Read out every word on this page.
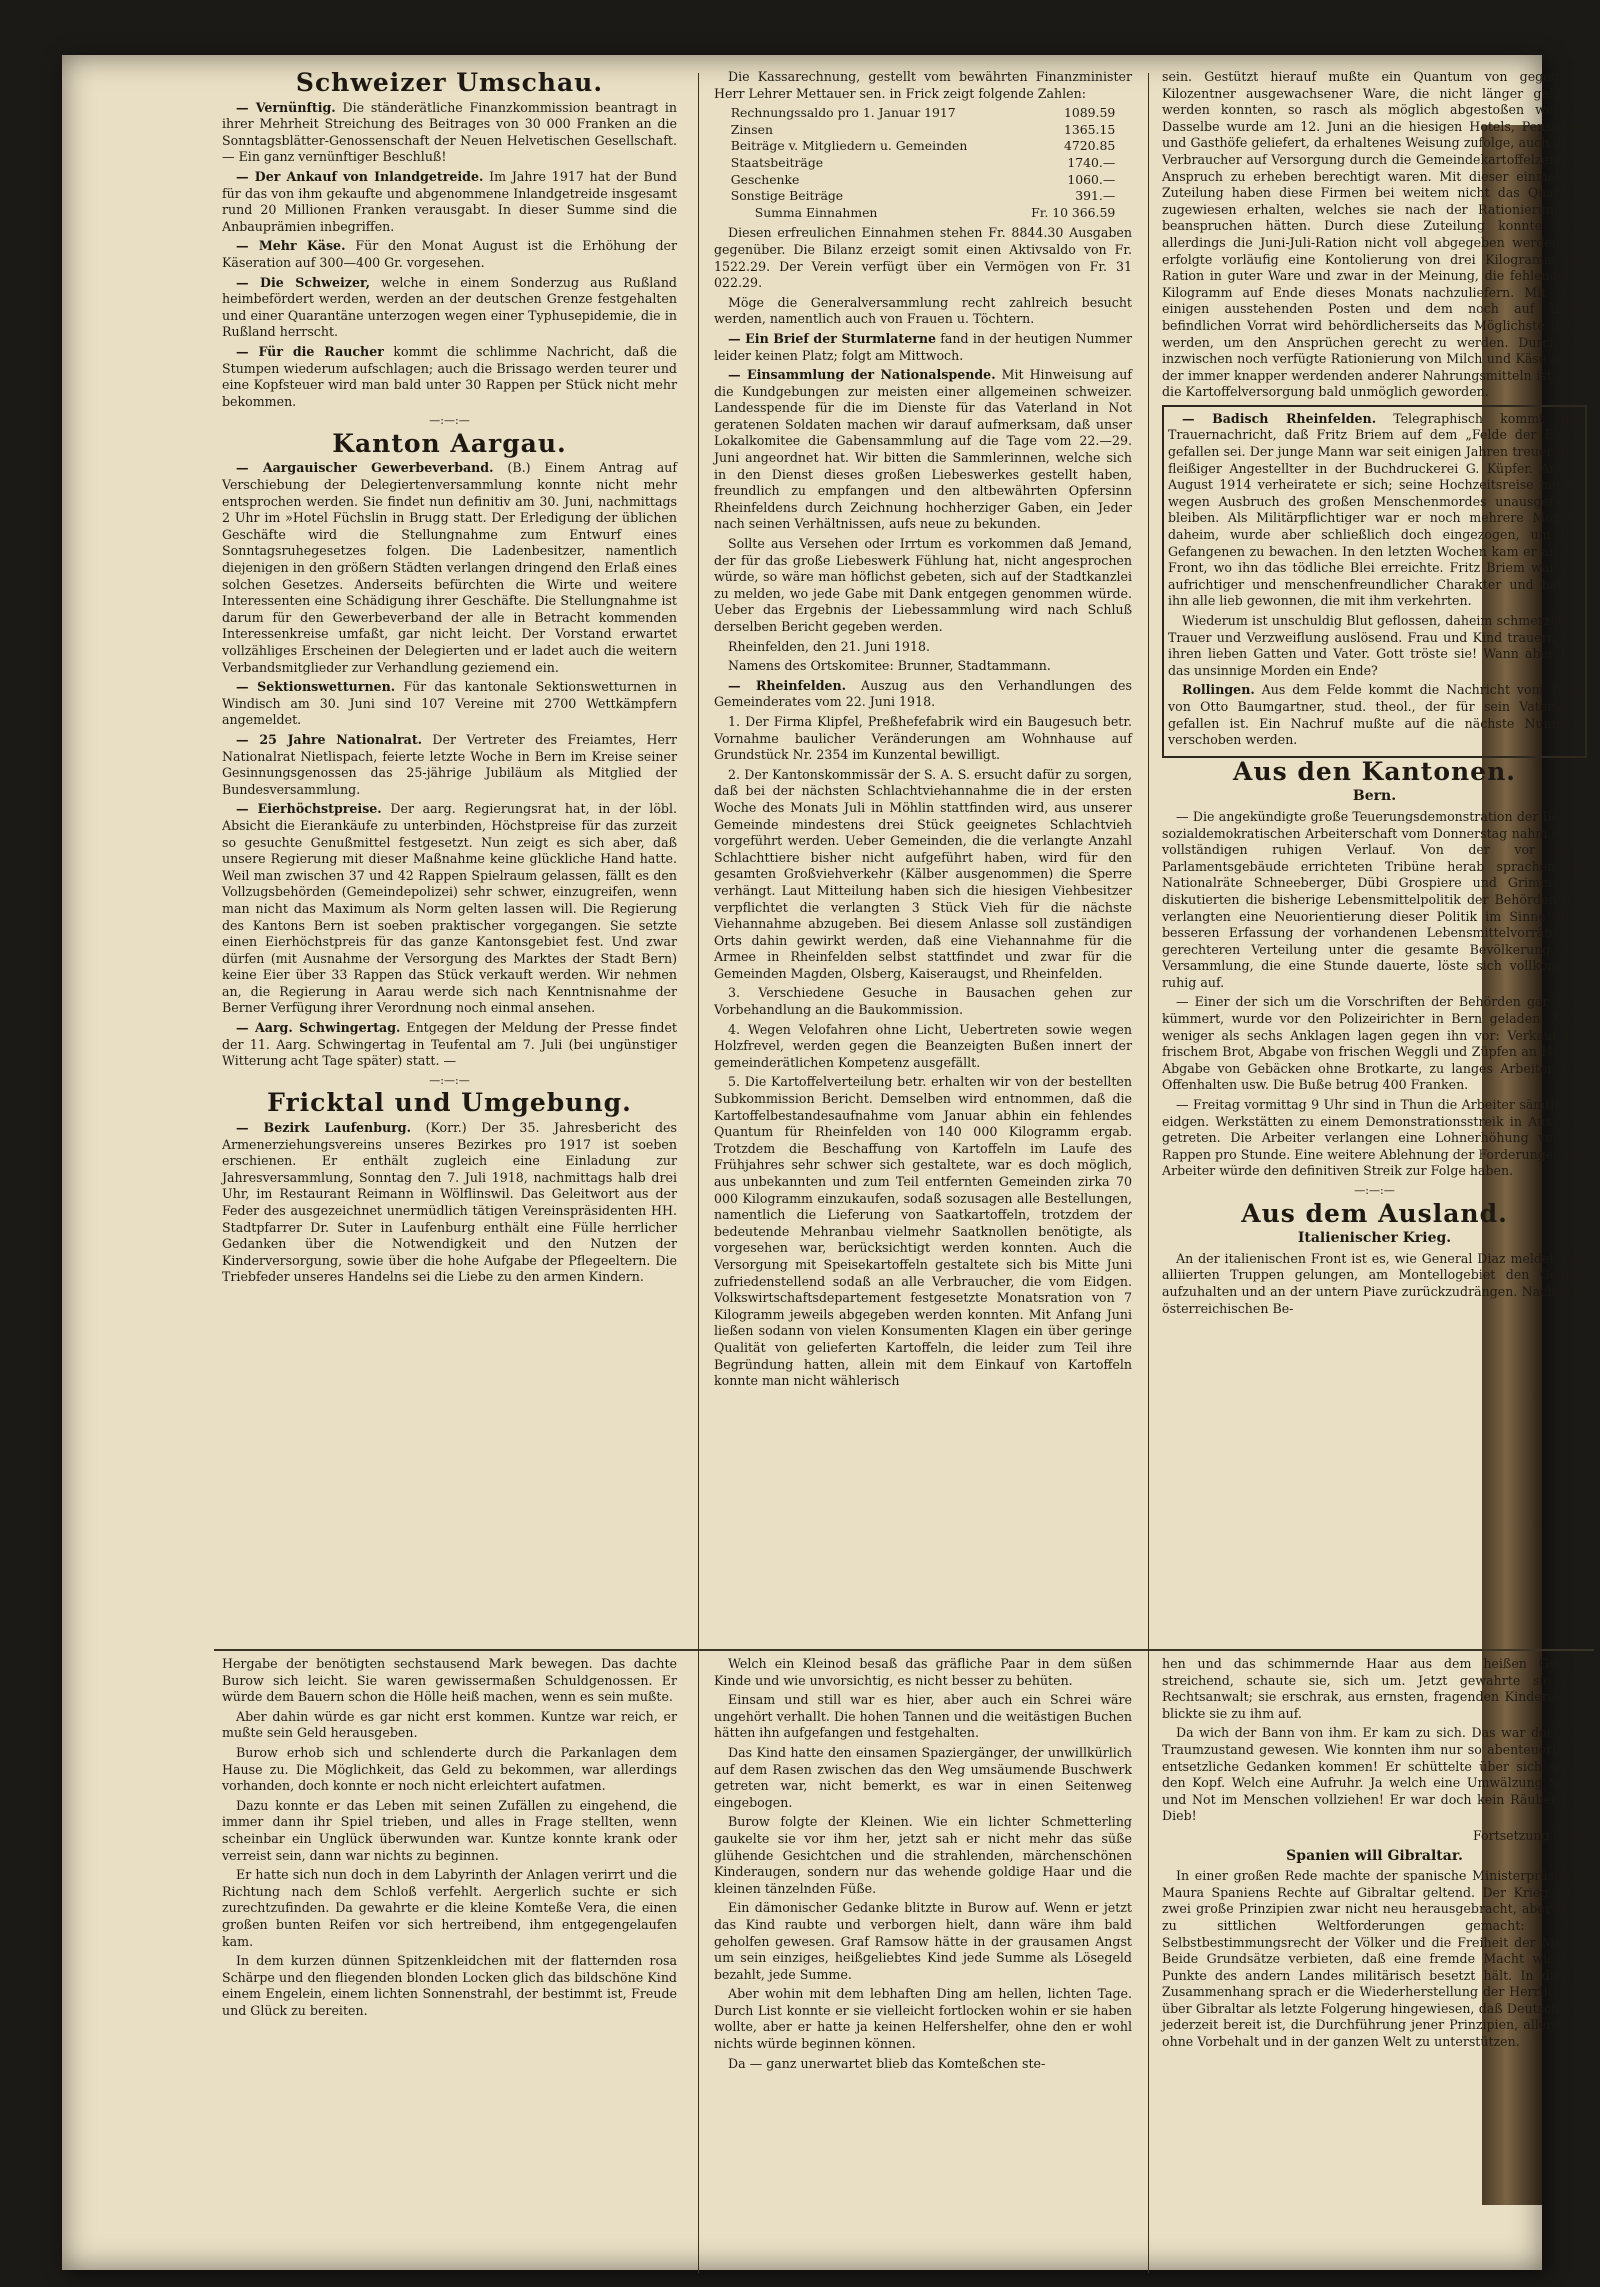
Schweizer Umschau.

— Vernünftig. Die ständerätliche Finanzkommission beantragt in ihrer Mehrheit Streichung des Beitrages von 30 000 Franken an die Sonntagsblätter-Genossenschaft der Neuen Helvetischen Gesellschaft. — Ein ganz vernünftiger Beschluß!

— Der Ankauf von Inlandgetreide. Im Jahre 1917 hat der Bund für das von ihm gekaufte und abgenommene Inlandgetreide insgesamt rund 20 Millionen Franken verausgabt. In dieser Summe sind die Anbauprämien inbegriffen.

— Mehr Käse. Für den Monat August ist die Erhöhung der Käseration auf 300—400 Gr. vorgesehen.

— Die Schweizer, welche in einem Sonderzug aus Rußland heimbefördert werden, werden an der deutschen Grenze festgehalten und einer Quarantäne unterzogen wegen einer Typhusepidemie, die in Rußland herrscht.

— Für die Raucher kommt die schlimme Nachricht, daß die Stumpen wiederum aufschlagen; auch die Brissago werden teurer und eine Kopfsteuer wird man bald unter 30 Rappen per Stück nicht mehr bekommen.

—:—:—
Kanton Aargau.

— Aargauischer Gewerbeverband. (B.) Einem Antrag auf Verschiebung der Delegiertenversammlung konnte nicht mehr entsprochen werden. Sie findet nun definitiv am 30. Juni, nachmittags 2 Uhr im »Hotel Füchslin in Brugg statt. Der Erledigung der üblichen Geschäfte wird die Stellungnahme zum Entwurf eines Sonntagsruhegesetzes folgen. Die Ladenbesitzer, namentlich diejenigen in den größern Städten verlangen dringend den Erlaß eines solchen Gesetzes. Anderseits befürchten die Wirte und weitere Interessenten eine Schädigung ihrer Geschäfte. Die Stellungnahme ist darum für den Gewerbeverband der alle in Betracht kommenden Interessenkreise umfaßt, gar nicht leicht. Der Vorstand erwartet vollzähliges Erscheinen der Delegierten und er ladet auch die weitern Verbandsmitglieder zur Verhandlung geziemend ein.

— Sektionswetturnen. Für das kantonale Sektionswetturnen in Windisch am 30. Juni sind 107 Vereine mit 2700 Wettkämpfern angemeldet.

— 25 Jahre Nationalrat. Der Vertreter des Freiamtes, Herr Nationalrat Nietlispach, feierte letzte Woche in Bern im Kreise seiner Gesinnungsgenossen das 25-jährige Jubiläum als Mitglied der Bundesversammlung.

— Eierhöchstpreise. Der aarg. Regierungsrat hat, in der löbl. Absicht die Eierankäufe zu unterbinden, Höchstpreise für das zurzeit so gesuchte Genußmittel festgesetzt. Nun zeigt es sich aber, daß unsere Regierung mit dieser Maßnahme keine glückliche Hand hatte. Weil man zwischen 37 und 42 Rappen Spielraum gelassen, fällt es den Vollzugsbehörden (Gemeindepolizei) sehr schwer, einzugreifen, wenn man nicht das Maximum als Norm gelten lassen will. Die Regierung des Kantons Bern ist soeben praktischer vorgegangen. Sie setzte einen Eierhöchstpreis für das ganze Kantonsgebiet fest. Und zwar dürfen (mit Ausnahme der Versorgung des Marktes der Stadt Bern) keine Eier über 33 Rappen das Stück verkauft werden. Wir nehmen an, die Regierung in Aarau werde sich nach Kenntnisnahme der Berner Verfügung ihrer Verordnung noch einmal ansehen.

— Aarg. Schwingertag. Entgegen der Meldung der Presse findet der 11. Aarg. Schwingertag in Teufental am 7. Juli (bei ungünstiger Witterung acht Tage später) statt. —

—:—:—
Fricktal und Umgebung.

— Bezirk Laufenburg. (Korr.) Der 35. Jahresbericht des Armenerziehungsvereins unseres Bezirkes pro 1917 ist soeben erschienen. Er enthält zugleich eine Einladung zur Jahresversammlung, Sonntag den 7. Juli 1918, nachmittags halb drei Uhr, im Restaurant Reimann in Wölflinswil. Das Geleitwort aus der Feder des ausgezeichnet unermüdlich tätigen Vereinspräsidenten HH. Stadtpfarrer Dr. Suter in Laufenburg enthält eine Fülle herrlicher Gedanken über die Notwendigkeit und den Nutzen der Kinderversorgung, sowie über die hohe Aufgabe der Pflegeeltern. Die Triebfeder unseres Handelns sei die Liebe zu den armen Kindern.

Die Kassarechnung, gestellt vom bewährten Finanzminister Herr Lehrer Mettauer sen. in Frick zeigt folgende Zahlen:

Rechnungssaldo pro 1. Januar 1917	1089.59
Zinsen	1365.15
Beiträge v. Mitgliedern u. Gemeinden	4720.85
Staatsbeiträge	1740.—
Geschenke	1060.—
Sonstige Beiträge	391.—
Summa Einnahmen	Fr. 10 366.59

Diesen erfreulichen Einnahmen stehen Fr. 8844.30 Ausgaben gegenüber. Die Bilanz erzeigt somit einen Aktivsaldo von Fr. 1522.29. Der Verein verfügt über ein Vermögen von Fr. 31 022.29.

Möge die Generalversammlung recht zahlreich besucht werden, namentlich auch von Frauen u. Töchtern.

— Ein Brief der Sturmlaterne fand in der heutigen Nummer leider keinen Platz; folgt am Mittwoch.

— Einsammlung der Nationalspende. Mit Hinweisung auf die Kundgebungen zur meisten einer allgemeinen schweizer. Landesspende für die im Dienste für das Vaterland in Not geratenen Soldaten machen wir darauf aufmerksam, daß unser Lokalkomitee die Gabensammlung auf die Tage vom 22.—29. Juni angeordnet hat. Wir bitten die Sammlerinnen, welche sich in den Dienst dieses großen Liebeswerkes gestellt haben, freundlich zu empfangen und den altbewährten Opfersinn Rheinfeldens durch Zeichnung hochherziger Gaben, ein Jeder nach seinen Verhältnissen, aufs neue zu bekunden.

Sollte aus Versehen oder Irrtum es vorkommen daß Jemand, der für das große Liebeswerk Fühlung hat, nicht angesprochen würde, so wäre man höflichst gebeten, sich auf der Stadtkanzlei zu melden, wo jede Gabe mit Dank entgegen genommen würde. Ueber das Ergebnis der Liebessammlung wird nach Schluß derselben Bericht gegeben werden.

Rheinfelden, den 21. Juni 1918.

Namens des Ortskomitee: Brunner, Stadtammann.

— Rheinfelden. Auszug aus den Verhandlungen des Gemeinderates vom 22. Juni 1918.

1. Der Firma Klipfel, Preßhefefabrik wird ein Baugesuch betr. Vornahme baulicher Veränderungen am Wohnhause auf Grundstück Nr. 2354 im Kunzental bewilligt.

2. Der Kantonskommissär der S. A. S. ersucht dafür zu sorgen, daß bei der nächsten Schlachtviehannahme die in der ersten Woche des Monats Juli in Möhlin stattfinden wird, aus unserer Gemeinde mindestens drei Stück geeignetes Schlachtvieh vorgeführt werden. Ueber Gemeinden, die die verlangte Anzahl Schlachttiere bisher nicht aufgeführt haben, wird für den gesamten Großviehverkehr (Kälber ausgenommen) die Sperre verhängt. Laut Mitteilung haben sich die hiesigen Viehbesitzer verpflichtet die verlangten 3 Stück Vieh für die nächste Viehannahme abzugeben. Bei diesem Anlasse soll zuständigen Orts dahin gewirkt werden, daß eine Viehannahme für die Armee in Rheinfelden selbst stattfindet und zwar für die Gemeinden Magden, Olsberg, Kaiseraugst, und Rheinfelden.

3. Verschiedene Gesuche in Bausachen gehen zur Vorbehandlung an die Baukommission.

4. Wegen Velofahren ohne Licht, Uebertreten sowie wegen Holzfrevel, werden gegen die Beanzeigten Bußen innert der gemeinderätlichen Kompetenz ausgefällt.

5. Die Kartoffelverteilung betr. erhalten wir von der bestellten Subkommission Bericht. Demselben wird entnommen, daß die Kartoffelbestandesaufnahme vom Januar abhin ein fehlendes Quantum für Rheinfelden von 140 000 Kilogramm ergab. Trotzdem die Beschaffung von Kartoffeln im Laufe des Frühjahres sehr schwer sich gestaltete, war es doch möglich, aus unbekannten und zum Teil entfernten Gemeinden zirka 70 000 Kilogramm einzukaufen, sodaß sozusagen alle Bestellungen, namentlich die Lieferung von Saatkartoffeln, trotzdem der bedeutende Mehranbau vielmehr Saatknollen benötigte, als vorgesehen war, berücksichtigt werden konnten. Auch die Versorgung mit Speisekartoffeln gestaltete sich bis Mitte Juni zufriedenstellend sodaß an alle Verbraucher, die vom Eidgen. Volkswirtschaftsdepartement festgesetzte Monatsration von 7 Kilogramm jeweils abgegeben werden konnten. Mit Anfang Juni ließen sodann von vielen Konsumenten Klagen ein über geringe Qualität von gelieferten Kartoffeln, die leider zum Teil ihre Begründung hatten, allein mit dem Einkauf von Kartoffeln konnte man nicht wählerisch

sein. Gestützt hierauf mußte ein Quantum von gegen 30 Kilozentner ausgewachsener Ware, die nicht länger gelagert werden konnten, so rasch als möglich abgestoßen werden. Dasselbe wurde am 12. Juni an die hiesigen Hotels, Pensionen und Gasthöfe geliefert, da erhaltenes Weisung zufolge, auch diese Verbraucher auf Versorgung durch die Gemeindekartoffelzentrale Anspruch zu erheben berechtigt waren. Mit dieser einmaligen Zuteilung haben diese Firmen bei weitem nicht das Quantum zugewiesen erhalten, welches sie nach der Rationierung zu beanspruchen hätten. Durch diese Zuteilung konnte dann allerdings die Juni-Juli-Ration nicht voll abgegeben werden. Es erfolgte vorläufig eine Kontolierung von drei Kilogramm pro Ration in guter Ware und zwar in der Meinung, die fehlenden 4 Kilogramm auf Ende dieses Monats nachzuliefern. Mit noch einigen ausstehenden Posten und dem noch auf Lager befindlichen Vorrat wird behördlicherseits das Möglichste getan werden, um den Ansprüchen gerecht zu werden. Durch die inzwischen noch verfügte Rationierung von Milch und Käse sowie der immer knapper werdenden anderer Nahrungsmitteln ist auch die Kartoffelversorgung bald unmöglich geworden.

— Badisch Rheinfelden. Telegraphisch kommt die Trauernachricht, daß Fritz Briem auf dem „Felde der Ehre" gefallen sei. Der junge Mann war seit einigen Jahren treuer und fleißiger Angestellter in der Buchdruckerei G. Küpfer. Am 1. August 1914 verheiratete er sich; seine Hochzeitsreise mußte wegen Ausbruch des großen Menschenmordes unausgeführt bleiben. Als Militärpflichtiger war er noch mehrere Monate daheim, wurde aber schließlich doch eingezogen, um die Gefangenen zu bewachen. In den letzten Wochen kam er an die Front, wo ihn das tödliche Blei erreichte. Fritz Briem war ein aufrichtiger und menschenfreundlicher Charakter und haben ihn alle lieb gewonnen, die mit ihm verkehrten.

Wiederum ist unschuldig Blut geflossen, daheim schmerzliche Trauer und Verzweiflung auslösend. Frau und Kind trauern um ihren lieben Gatten und Vater. Gott tröste sie! Wann aber hat das unsinnige Morden ein Ende?

Rollingen. Aus dem Felde kommt die Nachricht vom Tode von Otto Baumgartner, stud. theol., der für sein Vaterland gefallen ist. Ein Nachruf mußte auf die nächste Nummer verschoben werden.

Aus den Kantonen.
Bern.

— Die angekündigte große Teuerungsdemonstration der Berner sozialdemokratischen Arbeiterschaft vom Donnerstag nahm einen vollständigen ruhigen Verlauf. Von der vor dem Parlamentsgebäude errichteten Tribüne herab sprachen die Nationalräte Schneeberger, Dübi Grospiere und Grimm. Sie diskutierten die bisherige Lebensmittelpolitik der Behörden und verlangten eine Neuorientierung dieser Politik im Sinne einer besseren Erfassung der vorhandenen Lebensmittelvorräte zur gerechteren Verteilung unter die gesamte Bevölkerung. Die Versammlung, die eine Stunde dauerte, löste sich vollkommen ruhig auf.

— Einer der sich um die Vorschriften der Behörden gar nicht kümmert, wurde vor den Polizeirichter in Bern geladen. Nicht weniger als sechs Anklagen lagen gegen ihn vor: Verkauf von frischem Brot, Abgabe von frischen Weggli und Züpfen an Hotels, Abgabe von Gebäcken ohne Brotkarte, zu langes Arbeiten und Offenhalten usw. Die Buße betrug 400 Franken.

— Freitag vormittag 9 Uhr sind in Thun die Arbeiter sämtlicher eidgen. Werkstätten zu einem Demonstrationsstreik in Ausstand getreten. Die Arbeiter verlangen eine Lohnerhöhung von 15 Rappen pro Stunde. Eine weitere Ablehnung der Forderungen der Arbeiter würde den definitiven Streik zur Folge haben.

—:—:—
Aus dem Ausland.
Italienischer Krieg.

An der italienischen Front ist es, wie General Diaz meldet, den alliierten Truppen gelungen, am Montellogebiet den Gegner aufzuhalten und an der untern Piave zurückzudrängen. Nach dem österreichischen Be-

Hergabe der benötigten sechstausend Mark bewegen. Das dachte Burow sich leicht. Sie waren gewissermaßen Schuldgenossen. Er würde dem Bauern schon die Hölle heiß machen, wenn es sein mußte.

Aber dahin würde es gar nicht erst kommen. Kuntze war reich, er mußte sein Geld herausgeben.

Burow erhob sich und schlenderte durch die Parkanlagen dem Hause zu. Die Möglichkeit, das Geld zu bekommen, war allerdings vorhanden, doch konnte er noch nicht erleichtert aufatmen.

Dazu konnte er das Leben mit seinen Zufällen zu eingehend, die immer dann ihr Spiel trieben, und alles in Frage stellten, wenn scheinbar ein Unglück überwunden war. Kuntze konnte krank oder verreist sein, dann war nichts zu beginnen.

Er hatte sich nun doch in dem Labyrinth der Anlagen verirrt und die Richtung nach dem Schloß verfehlt. Aergerlich suchte er sich zurechtzufinden. Da gewahrte er die kleine Komteße Vera, die einen großen bunten Reifen vor sich hertreibend, ihm entgegengelaufen kam.

In dem kurzen dünnen Spitzenkleidchen mit der flatternden rosa Schärpe und den fliegenden blonden Locken glich das bildschöne Kind einem Engelein, einem lichten Sonnenstrahl, der bestimmt ist, Freude und Glück zu bereiten.

Welch ein Kleinod besaß das gräfliche Paar in dem süßen Kinde und wie unvorsichtig, es nicht besser zu behüten.

Einsam und still war es hier, aber auch ein Schrei wäre ungehört verhallt. Die hohen Tannen und die weitästigen Buchen hätten ihn aufgefangen und festgehalten.

Das Kind hatte den einsamen Spaziergänger, der unwillkürlich auf dem Rasen zwischen das den Weg umsäumende Buschwerk getreten war, nicht bemerkt, es war in einen Seitenweg eingebogen.

Burow folgte der Kleinen. Wie ein lichter Schmetterling gaukelte sie vor ihm her, jetzt sah er nicht mehr das süße glühende Gesichtchen und die strahlenden, märchenschönen Kinderaugen, sondern nur das wehende goldige Haar und die kleinen tänzelnden Füße.

Ein dämonischer Gedanke blitzte in Burow auf. Wenn er jetzt das Kind raubte und verborgen hielt, dann wäre ihm bald geholfen gewesen. Graf Ramsow hätte in der grausamen Angst um sein einziges, heißgeliebtes Kind jede Summe als Lösegeld bezahlt, jede Summe.

Aber wohin mit dem lebhaften Ding am hellen, lichten Tage. Durch List konnte er sie vielleicht fortlocken wohin er sie haben wollte, aber er hatte ja keinen Helfershelfer, ohne den er wohl nichts würde beginnen können.

Da — ganz unerwartet blieb das Komteßchen ste-

hen und das schimmernde Haar aus dem heißen Gesicht streichend, schaute sie, sich um. Jetzt gewahrte sie den Rechtsanwalt; sie erschrak, aus ernsten, fragenden Kinderaugen blickte sie zu ihm auf.

Da wich der Bann von ihm. Er kam zu sich. Das war doch ein Traumzustand gewesen. Wie konnten ihm nur so abenteuerliche, entsetzliche Gedanken kommen! Er schüttelte über sich selbst den Kopf. Welch eine Aufruhr. Ja welch eine Umwälzung Sorge und Not im Menschen vollziehen! Er war doch kein Räuber und Dieb!

Fortsetzung folgt.

Spanien will Gibraltar.

In einer großen Rede machte der spanische Ministerpräsident Maura Spaniens Rechte auf Gibraltar geltend. Der Krieg habe zwei große Prinzipien zwar nicht neu herausgebracht, aber doch zu sittlichen Weltforderungen gemacht: das Selbstbestimmungsrecht der Völker und die Freiheit der Meere. Beide Grundsätze verbieten, daß eine fremde Macht wichtige Punkte des andern Landes militärisch besetzt hält. In diesem Zusammenhang sprach er die Wiederherstellung der Herrlichkeit über Gibraltar als letzte Folgerung hingewiesen, daß Deutschland jederzeit bereit ist, die Durchführung jener Prinzipien, allerdings ohne Vorbehalt und in der ganzen Welt zu unterstützen.
